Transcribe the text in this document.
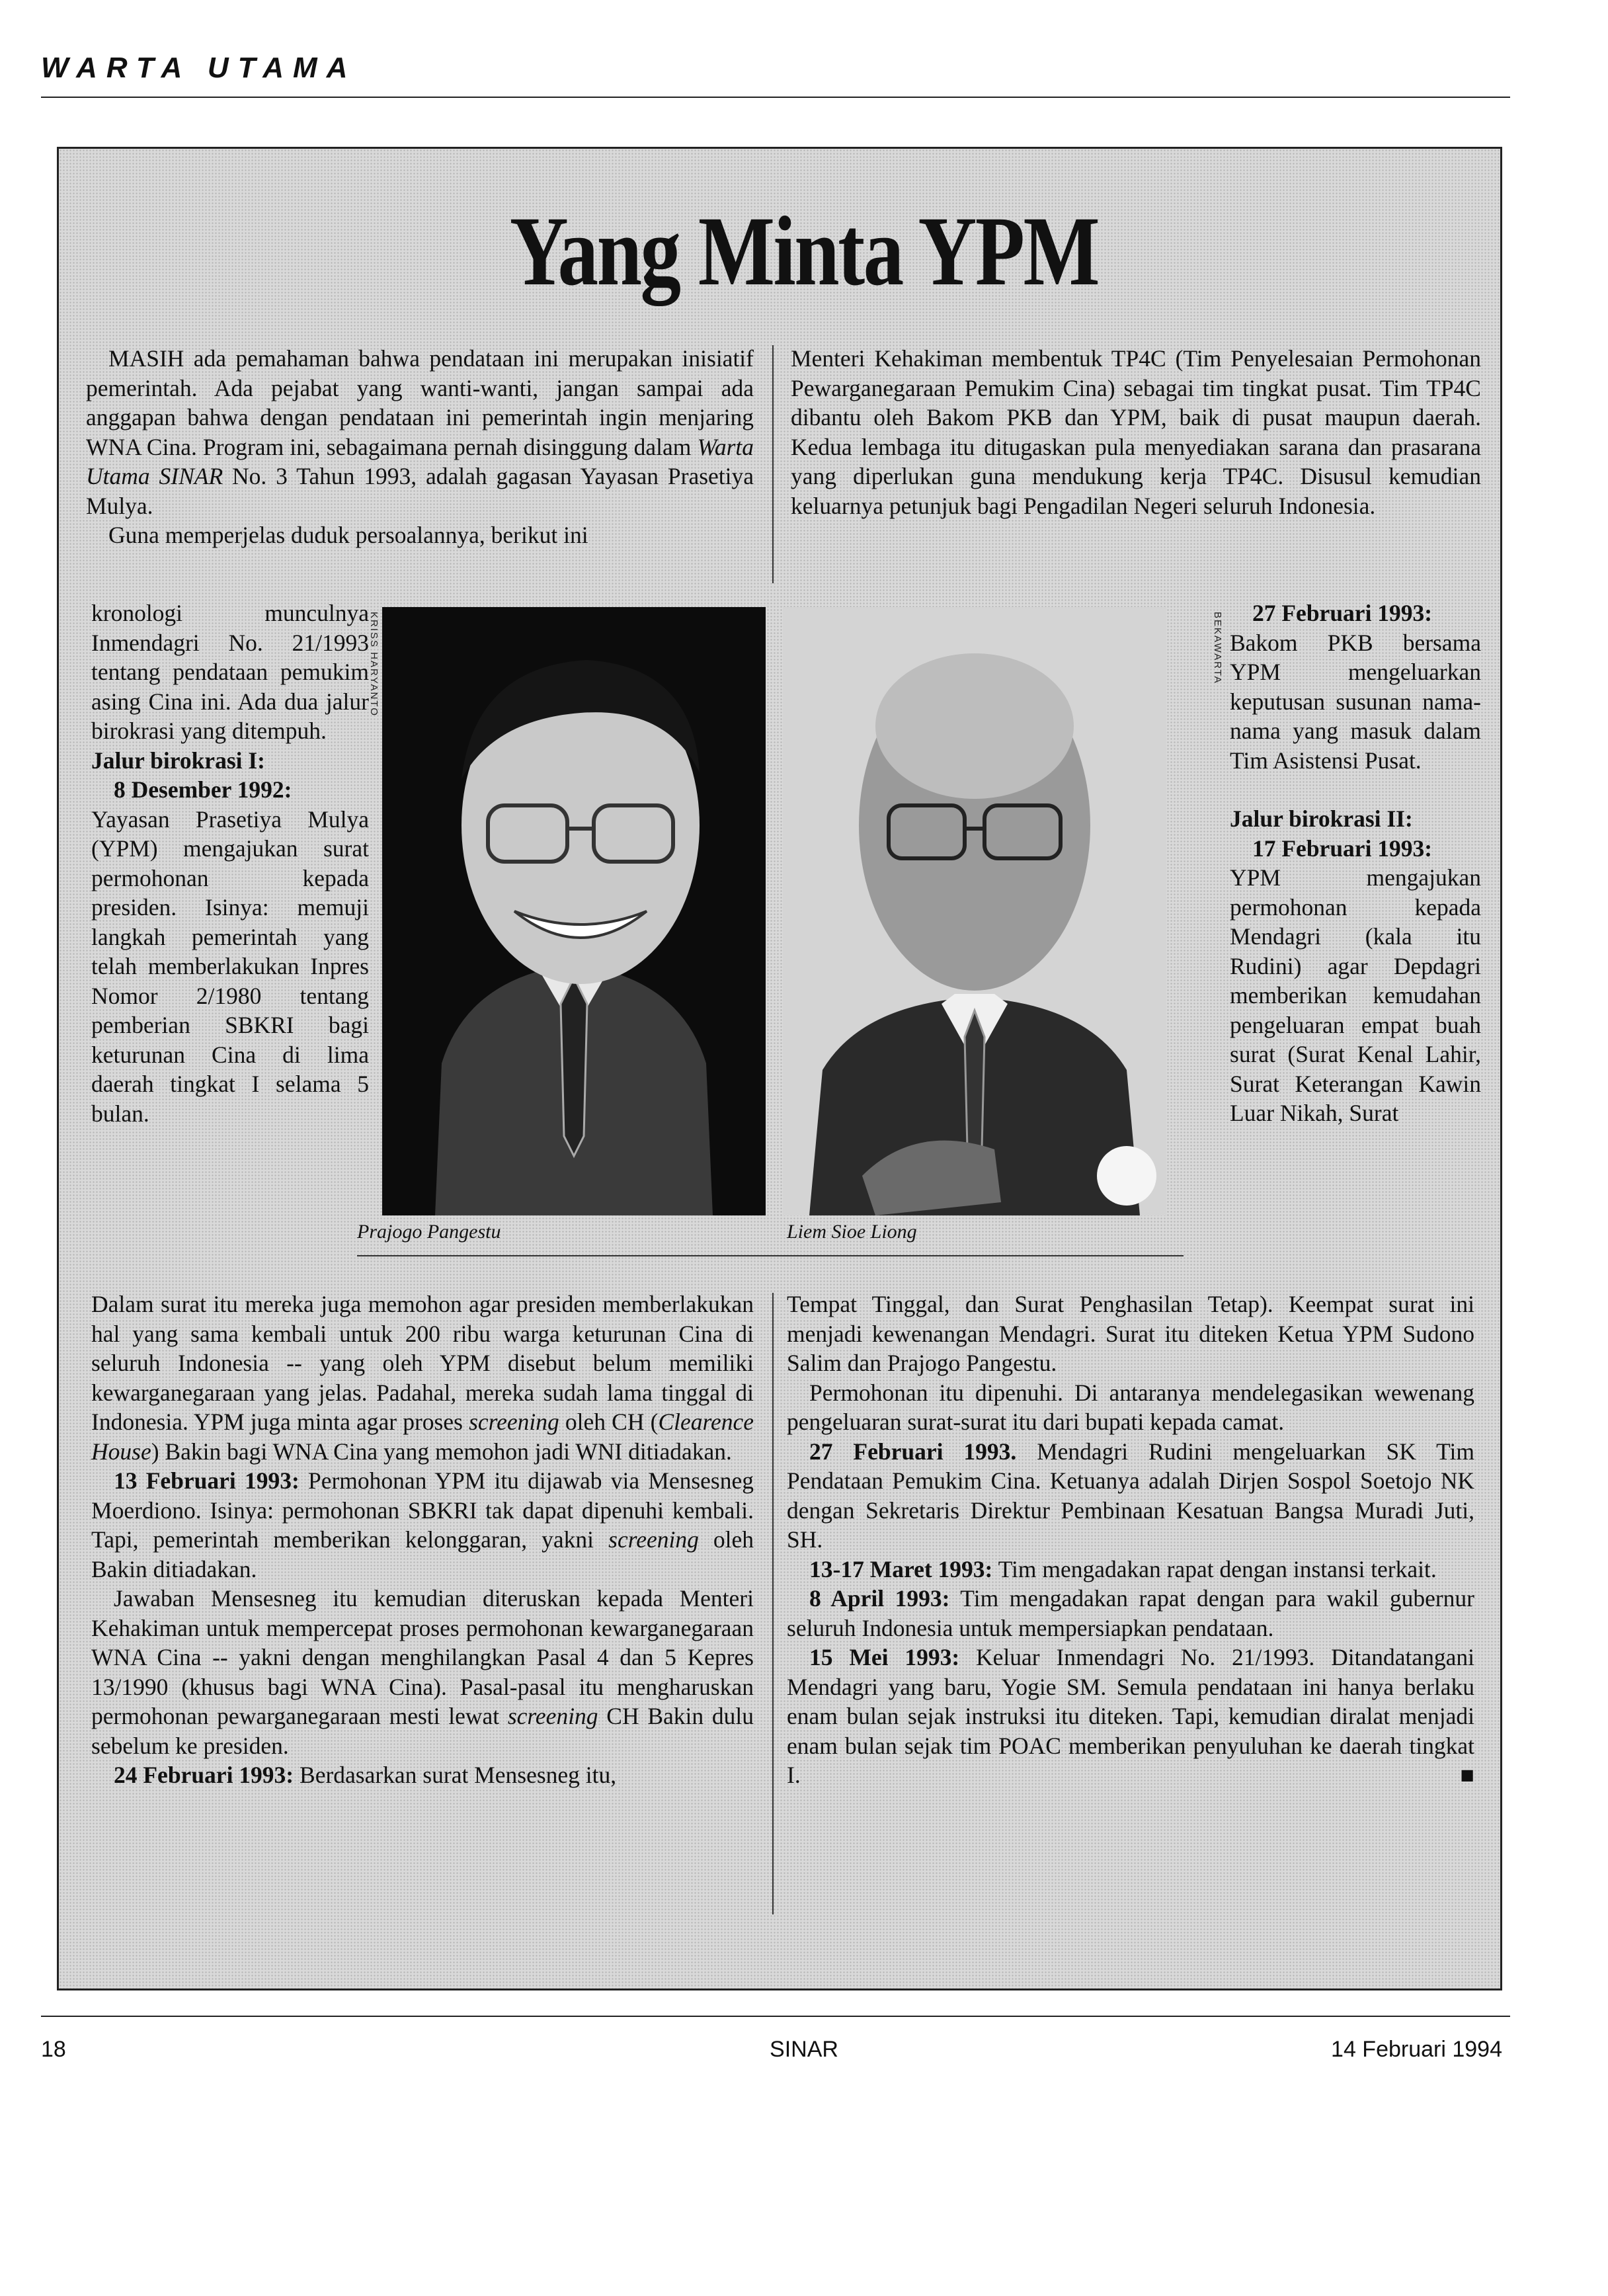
WARTA UTAMA
Yang Minta YPM

MASIH ada pemahaman bahwa pendataan ini merupakan inisiatif pemerintah. Ada pejabat yang wanti-wanti, jangan sampai ada anggapan bahwa dengan pendataan ini pemerintah ingin menjaring WNA Cina. Program ini, sebagaimana pernah disinggung dalam Warta Utama SINAR No. 3 Tahun 1993, adalah gagasan Yayasan Prasetiya Mulya.

Guna memperjelas duduk persoalannya, berikut ini

Menteri Kehakiman membentuk TP4C (Tim Penyelesaian Permohonan Pewarganegaraan Pemukim Cina) sebagai tim tingkat pusat. Tim TP4C dibantu oleh Bakom PKB dan YPM, baik di pusat maupun daerah. Kedua lembaga itu ditugaskan pula menyediakan sarana dan prasarana yang diperlukan guna mendukung kerja TP4C. Disusul kemudian keluarnya petunjuk bagi Pengadilan Negeri seluruh Indonesia.

kronologi munculnya Inmendagri No. 21/1993 tentang pendataan pemukim asing Cina ini. Ada dua jalur birokrasi yang ditempuh.

Jalur birokrasi I:

8 Desember 1992:

Yayasan Prasetiya Mulya (YPM) mengajukan surat permohonan kepada presiden. Isinya: memuji langkah pemerintah yang telah memberlakukan Inpres Nomor 2/1980 tentang pemberian SBKRI bagi keturunan Cina di lima daerah tingkat I selama 5 bulan.

KRISS HARYANTO
Prajogo Pangestu
BEKAWARTA
Liem Sioe Liong

27 Februari 1993:

Bakom PKB bersama YPM mengeluarkan keputusan susunan nama-nama yang masuk dalam Tim Asistensi Pusat.

Jalur birokrasi II:

17 Februari 1993:

YPM mengajukan permohonan kepada Mendagri (kala itu Rudini) agar Depdagri memberikan kemudahan pengeluaran empat buah surat (Surat Kenal Lahir, Surat Keterangan Kawin Luar Nikah, Surat

Dalam surat itu mereka juga memohon agar presiden memberlakukan hal yang sama kembali untuk 200 ribu warga keturunan Cina di seluruh Indonesia -- yang oleh YPM disebut belum memiliki kewarganegaraan yang jelas. Padahal, mereka sudah lama tinggal di Indonesia. YPM juga minta agar proses screening oleh CH (Clearence House) Bakin bagi WNA Cina yang memohon jadi WNI ditiadakan.

13 Februari 1993: Permohonan YPM itu dijawab via Mensesneg Moerdiono. Isinya: permohonan SBKRI tak dapat dipenuhi kembali. Tapi, pemerintah memberikan kelonggaran, yakni screening oleh Bakin ditiadakan.

Jawaban Mensesneg itu kemudian diteruskan kepada Menteri Kehakiman untuk mempercepat proses permohonan kewarganegaraan WNA Cina -- yakni dengan menghilangkan Pasal 4 dan 5 Kepres 13/1990 (khusus bagi WNA Cina). Pasal-pasal itu mengharuskan permohonan pewarganegaraan mesti lewat screening CH Bakin dulu sebelum ke presiden.

24 Februari 1993: Berdasarkan surat Mensesneg itu,

Tempat Tinggal, dan Surat Penghasilan Tetap). Keempat surat ini menjadi kewenangan Mendagri. Surat itu diteken Ketua YPM Sudono Salim dan Prajogo Pangestu.

Permohonan itu dipenuhi. Di antaranya mendelegasikan wewenang pengeluaran surat-surat itu dari bupati kepada camat.

27 Februari 1993. Mendagri Rudini mengeluarkan SK Tim Pendataan Pemukim Cina. Ketuanya adalah Dirjen Sospol Soetojo NK dengan Sekretaris Direktur Pembinaan Kesatuan Bangsa Muradi Juti, SH.

13-17 Maret 1993: Tim mengadakan rapat dengan instansi terkait.

8 April 1993: Tim mengadakan rapat dengan para wakil gubernur seluruh Indonesia untuk mempersiapkan pendataan.

15 Mei 1993: Keluar Inmendagri No. 21/1993. Ditandatangani Mendagri yang baru, Yogie SM. Semula pendataan ini hanya berlaku enam bulan sejak instruksi itu diteken. Tapi, kemudian diralat menjadi enam bulan sejak tim POAC memberikan penyuluhan ke daerah tingkat I.	■

18	SINAR	14 Februari 1994
